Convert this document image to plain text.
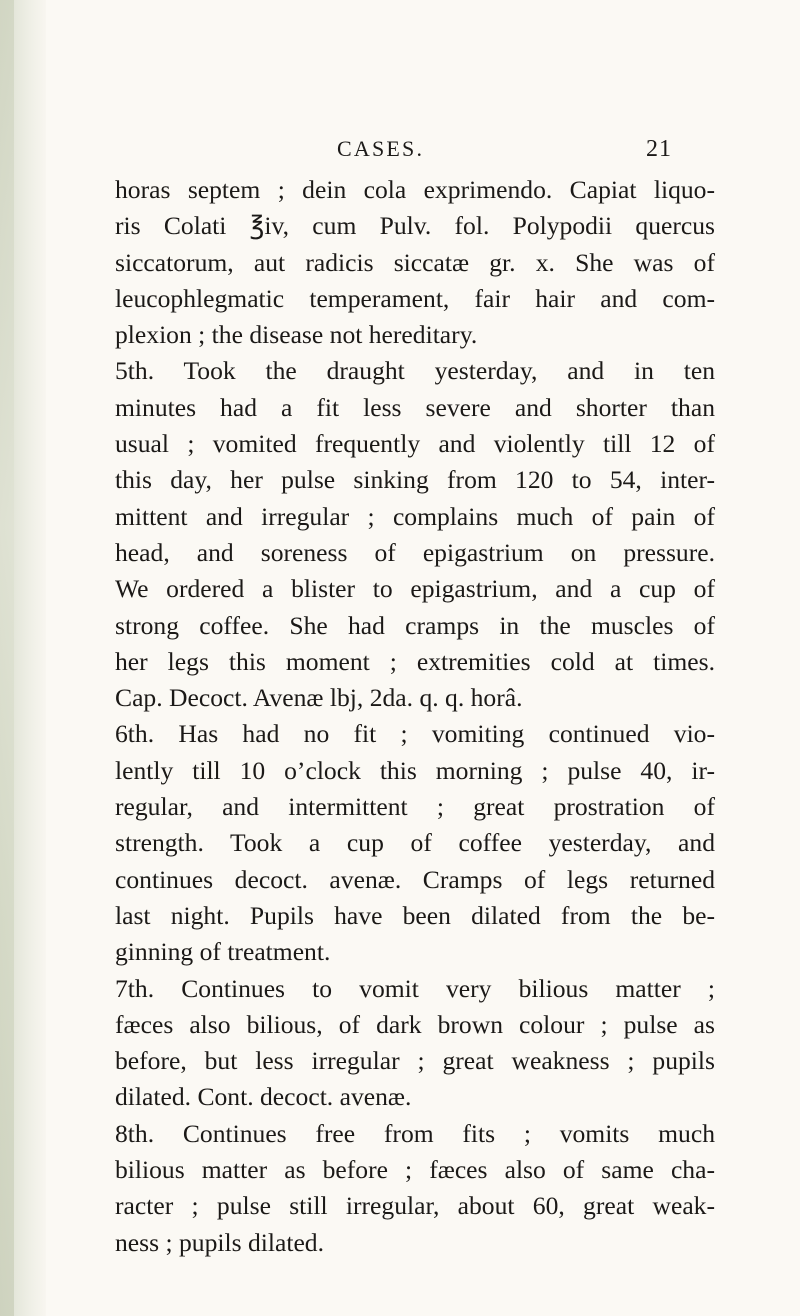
CASES.	21
horas septem ; dein cola exprimendo. Capiat liquo-
ris Colati ℥iv, cum Pulv. fol. Polypodii quercus
siccatorum, aut radicis siccatæ gr. x. She was of
leucophlegmatic temperament, fair hair and com-
plexion ; the disease not hereditary.
5th. Took the draught yesterday, and in ten
minutes had a fit less severe and shorter than
usual ; vomited frequently and violently till 12 of
this day, her pulse sinking from 120 to 54, inter-
mittent and irregular ; complains much of pain of
head, and soreness of epigastrium on pressure.
We ordered a blister to epigastrium, and a cup of
strong coffee. She had cramps in the muscles of
her legs this moment ; extremities cold at times.
Cap. Decoct. Avenæ lbj, 2da. q. q. horâ.
6th. Has had no fit ; vomiting continued vio-
lently till 10 o’clock this morning ; pulse 40, ir-
regular, and intermittent ; great prostration of
strength. Took a cup of coffee yesterday, and
continues decoct. avenæ. Cramps of legs returned
last night. Pupils have been dilated from the be-
ginning of treatment.
7th. Continues to vomit very bilious matter ;
fæces also bilious, of dark brown colour ; pulse as
before, but less irregular ; great weakness ; pupils
dilated. Cont. decoct. avenæ.
8th. Continues free from fits ; vomits much
bilious matter as before ; fæces also of same cha-
racter ; pulse still irregular, about 60, great weak-
ness ; pupils dilated.
